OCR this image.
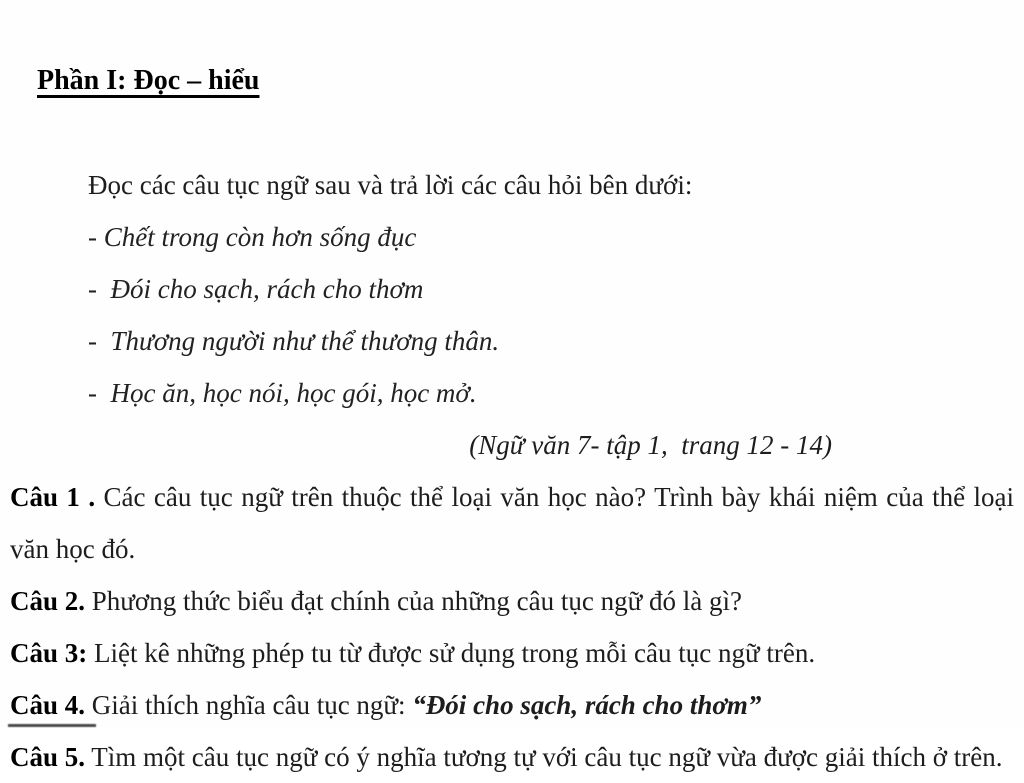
Phần I: Đọc – hiểu

Đọc các câu tục ngữ sau và trả lời các câu hỏi bên dưới:
- Chết trong còn hơn sống đục
-  Đói cho sạch, rách cho thơm
-  Thương người như thể thương thân.
-  Học ăn, học nói, học gói, học mở.
(Ngữ văn 7- tập 1,  trang 12 - 14)

Câu 1 . Các câu tục ngữ trên thuộc thể loại văn học nào? Trình bày khái niệm của thể loại văn học đó.

Câu 2. Phương thức biểu đạt chính của những câu tục ngữ đó là gì?

Câu 3: Liệt kê những phép tu từ được sử dụng trong mỗi câu tục ngữ trên.

Câu 4. Giải thích nghĩa câu tục ngữ: “Đói cho sạch, rách cho thơm”

Câu 5. Tìm một câu tục ngữ có ý nghĩa tương tự với câu tục ngữ vừa được giải thích ở trên.
